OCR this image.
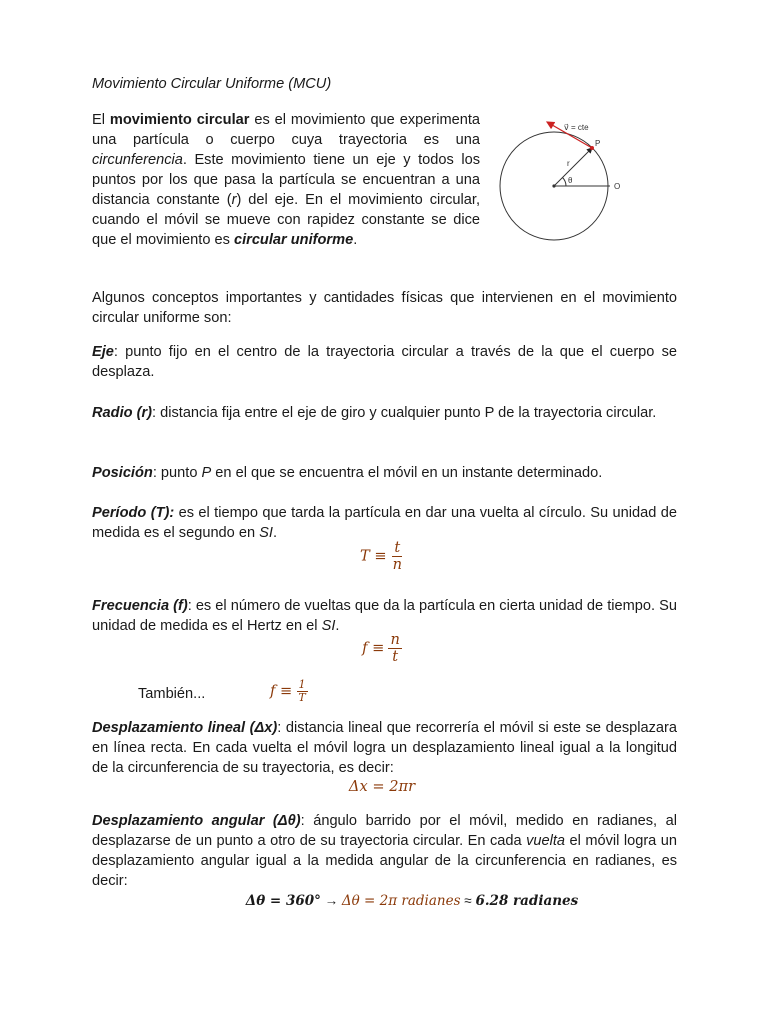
Movimiento Circular Uniforme (MCU)
El movimiento circular es el movimiento que experimenta una partícula o cuerpo cuya trayectoria es una circunferencia. Este movimiento tiene un eje y todos los puntos por los que pasa la partícula se encuentran a una distancia constante (r) del eje. En el movimiento circular, cuando el móvil se mueve con rapidez constante se dice que el movimiento es circular uniforme.
v⃗ = cte
P
r
θ
O
Algunos conceptos importantes y cantidades físicas que intervienen en el movimiento circular uniforme son:
Eje: punto fijo en el centro de la trayectoria circular a través de la que el cuerpo se desplaza.
Radio (r): distancia fija entre el eje de giro y cualquier punto P de la trayectoria circular.
Posición: punto P en el que se encuentra el móvil en un instante determinado.
Período (T): es el tiempo que tarda la partícula en dar una vuelta al círculo. Su unidad de medida es el segundo en SI.
$T \equiv \frac{t}{n}$
Frecuencia (f): es el número de vueltas que da la partícula en cierta unidad de tiempo. Su unidad de medida es el Hertz en el SI.
$f \equiv \frac{n}{t}$
También...	$f \equiv \frac{1}{T}$
Desplazamiento lineal (Δx): distancia lineal que recorrería el móvil si este se desplazara en línea recta. En cada vuelta el móvil logra un desplazamiento lineal igual a la longitud de la circunferencia de su trayectoria, es decir:
Δx = 2πr
Desplazamiento angular (Δθ): ángulo barrido por el móvil, medido en radianes, al desplazarse de un punto a otro de su trayectoria circular. En cada vuelta el móvil logra un desplazamiento angular igual a la medida angular de la circunferencia en radianes, es decir:
Δθ = 360° → Δθ = 2π radianes ≈ 6.28 radianes
